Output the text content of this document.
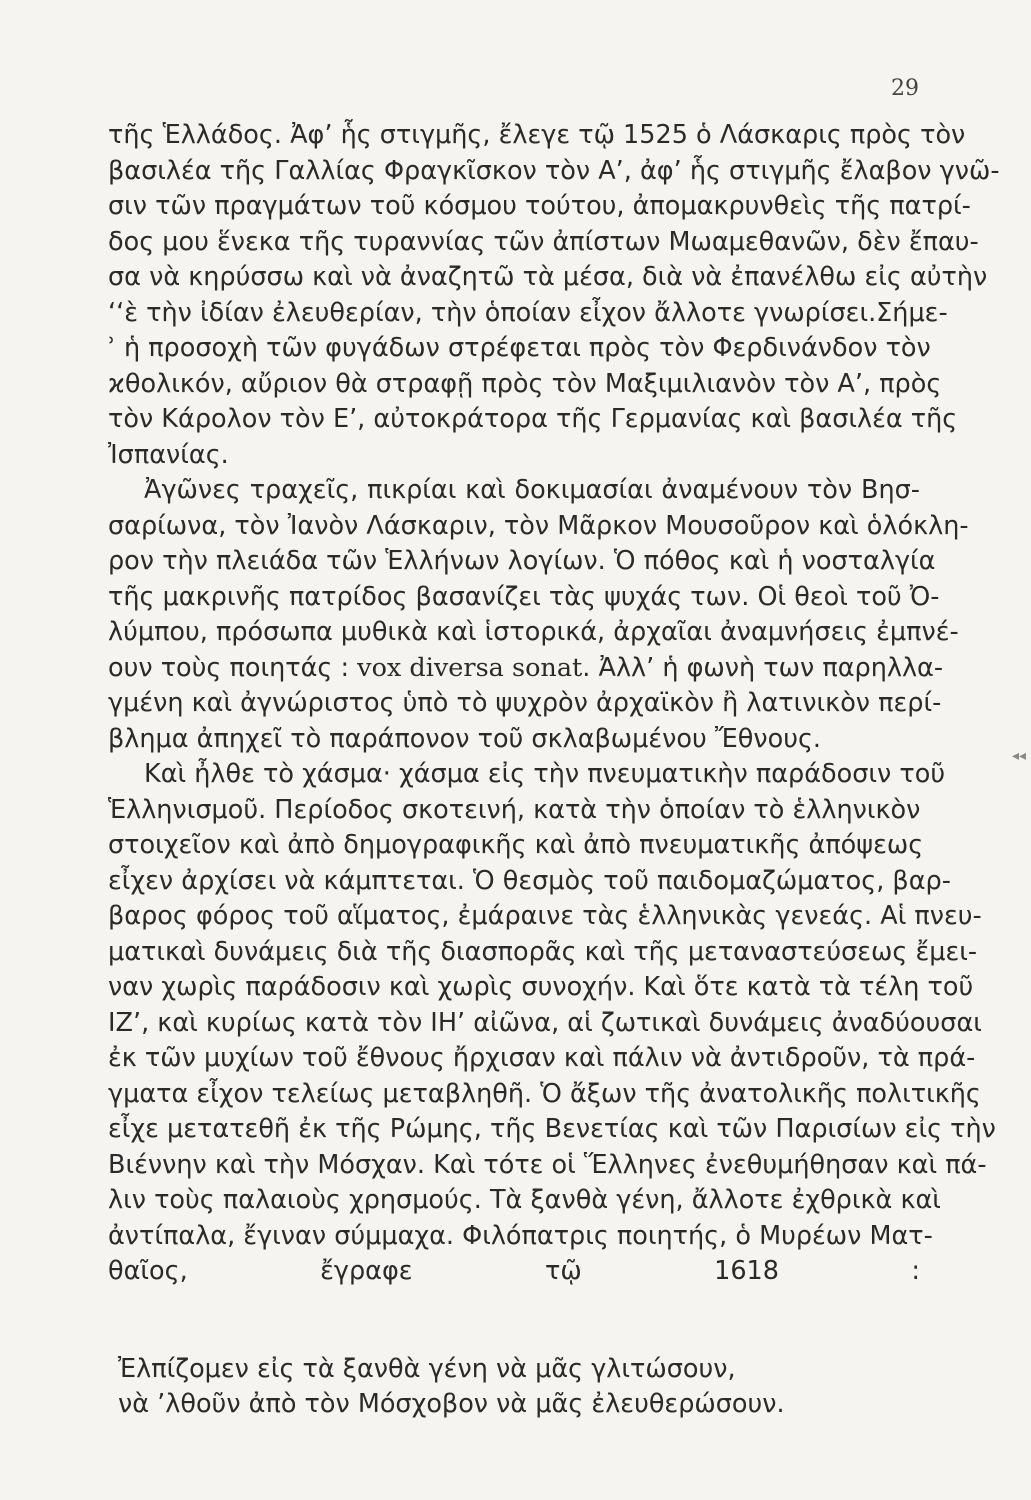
29
τῆς Ἑλλάδος. Ἀφ’ ἧς στιγμῆς, ἔλεγε τῷ 1525 ὁ Λάσκαρις πρὸς τὸν
βασιλέα τῆς Γαλλίας Φραγκῖσκον τὸν Α’, ἀφ’ ἧς στιγμῆς ἔλαβον γνῶ-
σιν τῶν πραγμάτων τοῦ κόσμου τούτου, ἀπομακρυνθεὶς τῆς πατρί-
δος μου ἕνεκα τῆς τυραννίας τῶν ἀπίστων Μωαμεθανῶν, δὲν ἔπαυ-
σα νὰ κηρύσσω καὶ νὰ ἀναζητῶ τὰ μέσα, διὰ νὰ ἐπανέλθω εἰς αὐτὴν
‘‘ὲ τὴν ἰδίαν ἐλευθερίαν, τὴν ὁποίαν εἶχον ἄλλοτε γνωρίσει.Σήμε-
ʾ ἡ προσοχὴ τῶν φυγάδων στρέφεται πρὸς τὸν Φερδινάνδον τὸν
ϰθολικόν, αὔριον θὰ στραφῇ πρὸς τὸν Μαξιμιλιανὸν τὸν Α’, πρὸς
τὸν Κάρολον τὸν Ε’, αὐτοκράτορα τῆς Γερμανίας καὶ βασιλέα τῆς
Ἰσπανίας.
Ἀγῶνες τραχεῖς, πικρίαι καὶ δοκιμασίαι ἀναμένουν τὸν Βησ-
σαρίωνα, τὸν Ἰανὸν Λάσκαριν, τὸν Μᾶρκον Μουσοῦρον καὶ ὁλόκλη-
ρον τὴν πλειάδα τῶν Ἑλλήνων λογίων. Ὁ πόθος καὶ ἡ νοσταλγία
τῆς μακρινῆς πατρίδος βασανίζει τὰς ψυχάς των. Οἱ θεοὶ τοῦ Ὀ-
λύμπου, πρόσωπα μυθικὰ καὶ ἱστορικά, ἀρχαῖαι ἀναμνήσεις ἐμπνέ-
ουν τοὺς ποιητάς : vox diversa sonat. Ἀλλ’ ἡ φωνὴ των παρηλλα-
γμένη καὶ ἀγνώριστος ὑπὸ τὸ ψυχρὸν ἀρχαϊκὸν ἢ λατινικὸν περί-
βλημα ἀπηχεῖ τὸ παράπονον τοῦ σκλαβωμένου Ἔθνους.
Καὶ ἦλθε τὸ χάσμα· χάσμα εἰς τὴν πνευματικὴν παράδοσιν τοῦ
Ἑλληνισμοῦ. Περίοδος σκοτεινή, κατὰ τὴν ὁποίαν τὸ ἑλληνικὸν
στοιχεῖον καὶ ἀπὸ δημογραφικῆς καὶ ἀπὸ πνευματικῆς ἀπόψεως
εἶχεν ἀρχίσει νὰ κάμπτεται. Ὁ θεσμὸς τοῦ παιδομαζώματος, βαρ-
βαρος φόρος τοῦ αἵματος, ἐμάραινε τὰς ἑλληνικὰς γενεάς. Αἱ πνευ-
ματικαὶ δυνάμεις διὰ τῆς διασπορᾶς καὶ τῆς μεταναστεύσεως ἔμει-
ναν χωρὶς παράδοσιν καὶ χωρὶς συνοχήν. Καὶ ὅτε κατὰ τὰ τέλη τοῦ
ΙΖ’, καὶ κυρίως κατὰ τὸν ΙΗ’ αἰῶνα, αἱ ζωτικαὶ δυνάμεις ἀναδύουσαι
ἐκ τῶν μυχίων τοῦ ἔθνους ἤρχισαν καὶ πάλιν νὰ ἀντιδροῦν, τὰ πρά-
γματα εἶχον τελείως μεταβληθῆ. Ὁ ἄξων τῆς ἀνατολικῆς πολιτικῆς
εἶχε μετατεθῆ ἐκ τῆς Ρώμης, τῆς Βενετίας καὶ τῶν Παρισίων εἰς τὴν
Βιέννην καὶ τὴν Μόσχαν. Καὶ τότε οἱ Ἕλληνες ἐνεθυμήθησαν καὶ πά-
λιν τοὺς παλαιοὺς χρησμούς. Τὰ ξανθὰ γένη, ἄλλοτε ἐχθρικὰ καὶ
ἀντίπαλα, ἔγιναν σύμμαχα. Φιλόπατρις ποιητής, ὁ Μυρέων Ματ-
θαῖος, ἔγραφε τῷ 1618 :
Ἐλπίζομεν εἰς τὰ ξανθὰ γένη νὰ μᾶς γλιτώσουν,
νὰ ’λθοῦν ἀπὸ τὸν Μόσχοβον νὰ μᾶς ἐλευθερώσουν.
◂◂
